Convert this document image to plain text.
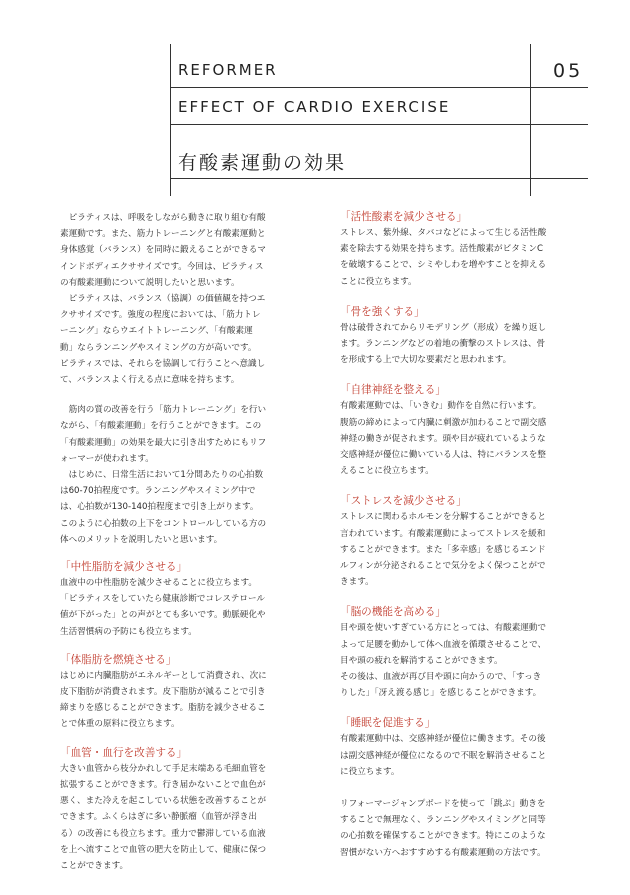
REFORMER
EFFECT OF CARDIO EXERCISE
05
有酸素運動の効果

　ピラティスは、呼吸をしながら動きに取り組む有酸

素運動です。また、筋力トレーニングと有酸素運動と

身体感覚（バランス）を同時に鍛えることができるマ

インドボディエクササイズです。今回は、ピラティス

の有酸素運動について説明したいと思います。

　ピラティスは、バランス（協調）の価値観を持つエ

クササイズです。強度の程度においては、「筋力トレ

ーニング」ならウエイトトレーニング、「有酸素運

動」ならランニングやスイミングの方が高いです。

ピラティスでは、それらを協調して行うことへ意識し

て、バランスよく行える点に意味を持ちます。

　筋肉の質の改善を行う「筋力トレーニング」を行い

ながら、「有酸素運動」を行うことができます。この

「有酸素運動」の効果を最大に引き出すためにもリフ

ォーマーが使われます。

　はじめに、日常生活において1分間あたりの心拍数

は60-70拍程度です。ランニングやスイミング中で

は、心拍数が130-140拍程度まで引き上がります。

このように心拍数の上下をコントロールしている方の

体へのメリットを説明したいと思います。

「中性脂肪を減少させる」

血液中の中性脂肪を減少させることに役立ちます。

「ピラティスをしていたら健康診断でコレステロール

値が下がった」との声がとても多いです。動脈硬化や

生活習慣病の予防にも役立ちます。

「体脂肪を燃焼させる」

はじめに内臓脂肪がエネルギーとして消費され、次に

皮下脂肪が消費されます。皮下脂肪が減ることで引き

締まりを感じることができます。脂肪を減少させるこ

とで体重の原料に役立ちます。

「血管・血行を改善する」

大きい血管から枝分かれして手足末端ある毛細血管を

拡張することができます。行き届かないことで血色が

悪く、また冷えを起こしている状態を改善することが

できます。ふくらはぎに多い静脈瘤（血管が浮き出

る）の改善にも役立ちます。重力で鬱滞している血液

を上へ流すことで血管の肥大を防止して、健康に保つ

ことができます。

「活性酸素を減少させる」

ストレス、紫外線、タバコなどによって生じる活性酸

素を除去する効果を持ちます。活性酸素がビタミンC

を破壊することで、シミやしわを増やすことを抑える

ことに役立ちます。

「骨を強くする」

骨は破骨されてからリモデリング（形成）を繰り返し

ます。ランニングなどの着地の衝撃のストレスは、骨

を形成する上で大切な要素だと思われます。

「自律神経を整える」

有酸素運動では、「いきむ」動作を自然に行います。

腹筋の締めによって内臓に刺激が加わることで副交感

神経の働きが促されます。頭や目が疲れているような

交感神経が優位に働いている人は、特にバランスを整

えることに役立ちます。

「ストレスを減少させる」

ストレスに関わるホルモンを分解することができると

言われています。有酸素運動によってストレスを緩和

することができます。また「多幸感」を感じるエンド

ルフィンが分泌されることで気分をよく保つことがで

きます。

「脳の機能を高める」

目や頭を使いすぎている方にとっては、有酸素運動で

よって足腰を動かして体へ血液を循環させることで、

目や頭の疲れを解消することができます。

その後は、血液が再び目や頭に向かうので、「すっき

りした」「冴え渡る感じ」を感じることができます。

「睡眠を促進する」

有酸素運動中は、交感神経が優位に働きます。その後

は副交感神経が優位になるので不眠を解消させること

に役立ちます。

リフォーマージャンプボードを使って「跳ぶ」動きを

することで無理なく、ランニングやスイミングと同等

の心拍数を確保することができます。特にこのような

習慣がない方へおすすめする有酸素運動の方法です。
